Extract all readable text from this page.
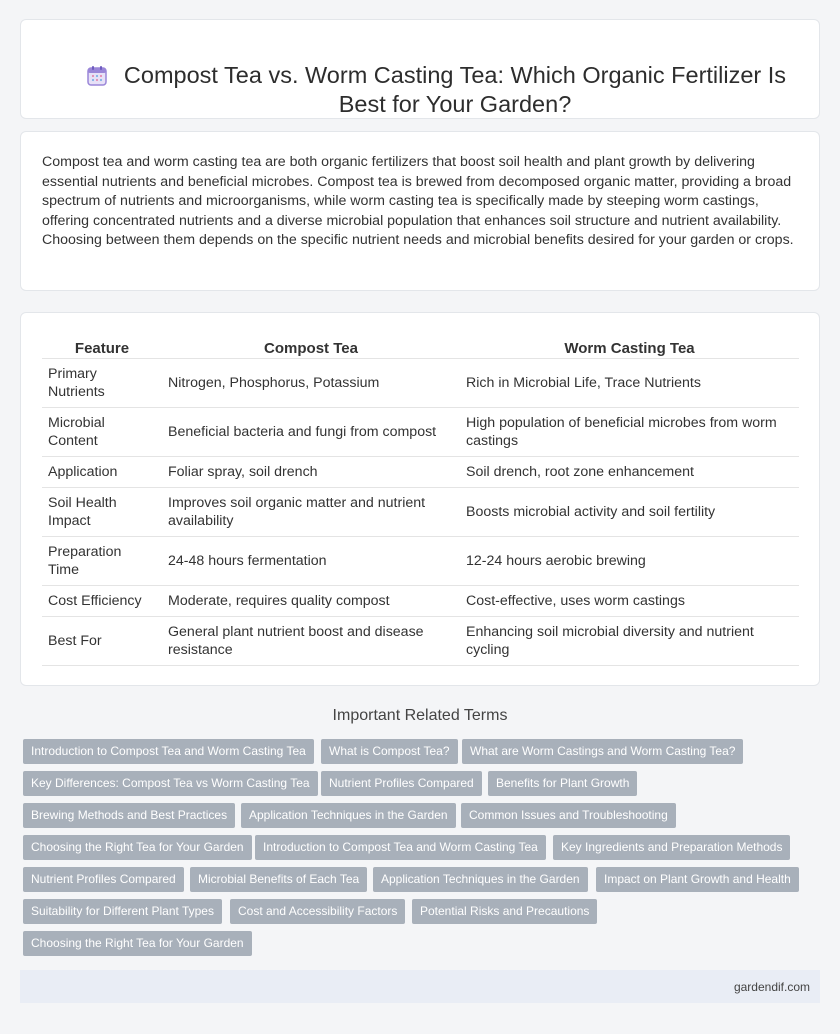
Compost Tea vs. Worm Casting Tea: Which Organic Fertilizer Is Best for Your Garden?

Compost tea and worm casting tea are both organic fertilizers that boost soil health and plant growth by delivering essential nutrients and beneficial microbes. Compost tea is brewed from decomposed organic matter, providing a broad spectrum of nutrients and microorganisms, while worm casting tea is specifically made by steeping worm castings, offering concentrated nutrients and a diverse microbial population that enhances soil structure and nutrient availability. Choosing between them depends on the specific nutrient needs and microbial benefits desired for your garden or crops.

Feature	Compost Tea	Worm Casting Tea
Primary Nutrients	Nitrogen, Phosphorus, Potassium	Rich in Microbial Life, Trace Nutrients
Microbial Content	Beneficial bacteria and fungi from compost	High population of beneficial microbes from worm castings
Application	Foliar spray, soil drench	Soil drench, root zone enhancement
Soil Health Impact	Improves soil organic matter and nutrient availability	Boosts microbial activity and soil fertility
Preparation Time	24-48 hours fermentation	12-24 hours aerobic brewing
Cost Efficiency	Moderate, requires quality compost	Cost-effective, uses worm castings
Best For	General plant nutrient boost and disease resistance	Enhancing soil microbial diversity and nutrient cycling
Important Related Terms
Introduction to Compost Tea and Worm Casting Tea	What is Compost Tea?	What are Worm Castings and Worm Casting Tea?
Key Differences: Compost Tea vs Worm Casting Tea	Nutrient Profiles Compared	Benefits for Plant Growth
Brewing Methods and Best Practices	Application Techniques in the Garden	Common Issues and Troubleshooting
Choosing the Right Tea for Your Garden	Introduction to Compost Tea and Worm Casting Tea	Key Ingredients and Preparation Methods
Nutrient Profiles Compared	Microbial Benefits of Each Tea	Application Techniques in the Garden	Impact on Plant Growth and Health
Suitability for Different Plant Types	Cost and Accessibility Factors	Potential Risks and Precautions
Choosing the Right Tea for Your Garden
gardendif.com
